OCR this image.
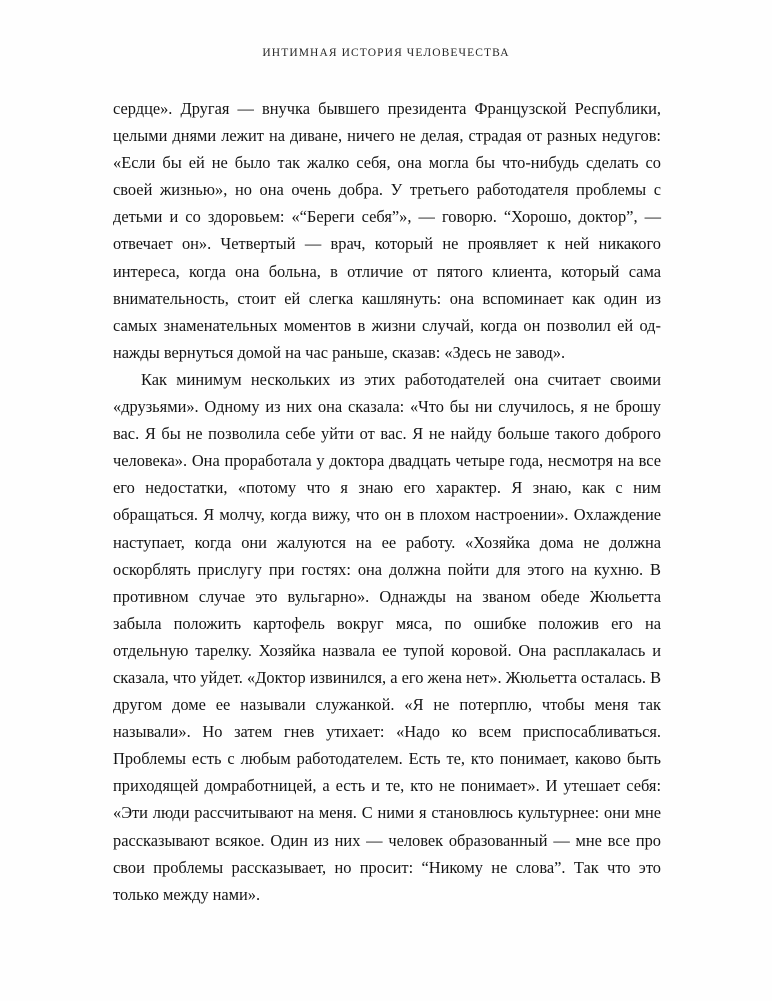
ИНТИМНАЯ ИСТОРИЯ ЧЕЛОВЕЧЕСТВА

сердце». Другая — внучка бывшего президента Французской Республики, целыми днями лежит на диване, ничего не делая, страдая от разных недугов: «Если бы ей не было так жалко себя, она могла бы что-нибудь сделать со своей жизнью», но она очень добра. У третьего работодателя проблемы с детьми и со здоровьем: «“Береги себя”», — говорю. “Хорошо, доктор”, — отвечает он». Четвертый — врач, который не проявляет к ней никакого интереса, когда она больна, в отличие от пятого клиента, который сама внимательность, стоит ей слегка кашлянуть: она вспоминает как один из самых знаменательных моментов в жизни случай, когда он позволил ей однажды вернуться домой на час раньше, сказав: «Здесь не завод».

Как минимум нескольких из этих работодателей она считает своими «друзьями». Одному из них она сказала: «Что бы ни случилось, я не брошу вас. Я бы не позволила себе уйти от вас. Я не найду больше такого доброго человека». Она проработала у доктора двадцать четыре года, несмотря на все его недостатки, «потому что я знаю его характер. Я знаю, как с ним обращаться. Я молчу, когда вижу, что он в плохом настроении». Охлаждение наступает, когда они жалуются на ее работу. «Хозяйка дома не должна оскорблять прислугу при гостях: она должна пойти для этого на кухню. В противном случае это вульгарно». Однажды на званом обеде Жюльетта забыла положить картофель вокруг мяса, по ошибке положив его на отдельную тарелку. Хозяйка назвала ее тупой коровой. Она расплакалась и сказала, что уйдет. «Доктор извинился, а его жена нет». Жюльетта осталась. В другом доме ее называли служанкой. «Я не потерплю, чтобы меня так называли». Но затем гнев утихает: «Надо ко всем приспосабливаться. Проблемы есть с любым работодателем. Есть те, кто понимает, каково быть приходящей домработницей, а есть и те, кто не понимает». И утешает себя: «Эти люди рассчитывают на меня. С ними я становлюсь культурнее: они мне рассказывают всякое. Один из них — человек образованный — мне все про свои проблемы рассказывает, но просит: “Никому не слова”. Так что это только между нами».
